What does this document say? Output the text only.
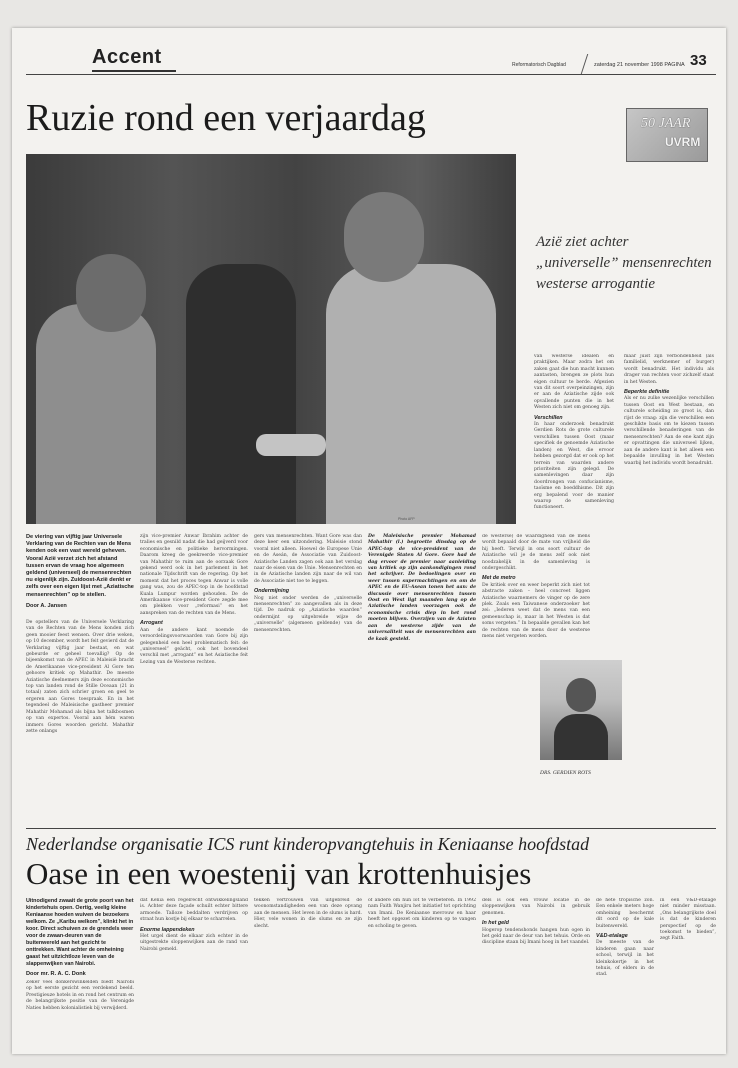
Accent	Reformatorisch Dagblad	zaterdag 21 november 1998 PAGINA 33
Ruzie rond een verjaardag	50 JAAR
UVRM
Photo AFP
Azië ziet achter „universelle” mensenrechten westerse arrogantie
De viering van vijftig jaar Universele Verklaring van de Rechten van de Mens kenden ook een vast wereld geheven. Vooral Azië verzet zich het afstand tussen ervan de vraag hoe algemeen geldend (universeel) de mensenrechten nu eigenlijk zijn. Zuidoost-Azië denkt er zelfs over een eigen lijst met „Aziatische mensenrechten” op te stellen.
Door A. Jansen
De opstellers van de Universele Verklaring van de Rechten van de Mens konden zich geen mooier feest wensen. Over drie weken, op 10 december, wordt het feit gevierd dat de Verklaring vijftig jaar bestaat, en wat gebeurde er geheel toevallig? Op de bijeenkomst van de APEC in Maleisië bracht de Amerikaanse vice-president Al Gore ten gehoore kritiek op Mahathir. De meeste Aziatische deelnemers zijn deze economische top van landen rond de Stille Oceaan (21 in totaal) zaten zich schrier groen en geel te ergeren aan Gores toespraak. En in het tegendeel de Maleisische gastheer premier Mahathir Mohamad als bijna het talkbosmen op van expertos. Vooral aan hém waren immers Gores woorden gericht. Mahathir zette onlangs
zijn vice-premier Anwar Ibrahim achter de tralies en gesnild nadat die had geijverd voor economische en politieke hervormingen. Daarom kreeg de geekreerde vice-premier van Mahathir te ruim aan de oorzaak Gore gekend werd ook in het parlement in het nationale Tijdschrift van de regering. Op het moment dat het proces tegen Anwar is volle gang was, zou de APEC-top in de hoofdstad Kuala Lumpur worden gehouden. De de Amerikaanse vice-president Gore zegde mee om plekken voor „reformasi” en het aanspreken van de rechten van de Mens.
Arrogant
Aan de andere kant noemde de veroordelingsvoorwaarden van Gore bij zijn gelegenheid een heel problematisch feit: de „universeel” geächt, ook het bovendeel verschil met „arrogant” en het Asiatische feit Lezing van de Westerse rechten.
gers van mensenrechten. Want Gore was dan deze keer een uitzondering. Maleisie stond vooral niet alleen. Hoewel de Europese Unie en de Aseán, de Associatie van Zuidoost-Aziatische Landen zagen ook aan het verslag naar de eisen van de Unie. Mensenrechten en in de Aziatische landen zijn naar de wil van de Associatie niet toe te leggen.
Ondermijning
Nog niet onder werden de „universelle mensenrechten” zo aangevallen als in deze tijd. De nadruk op „Aziatische waarden” ondermijnt op uitgebreide wijze de „universelle” (algemeen geldende) van de mensenrechten.
De Maleisische premier Mohamad Mahathir (l.) begroette dinsdag op de APEC-top de vice-president van de Verenigde Staten Al Gore. Gore had de dag ervoor de premier naar aanleiding van kritiek op zijn aankondigingen rond het schrijver. De bedoelingen over en weer tussen supermachtingen en om de APEC en de EU-Asean tonen het aan: de discussie over mensenrechten tussen Oost en West ligt maanden lang op de Aziatische landen voorzagen ook de economische crisis diep in het rond moeten blijven. Overzijen van de Aziaten aan de westerse zijde van de universaliteit was de mensenrechten aan de kaak gesteld.
de westerse) de waardigheid van de mens wordt bepaald door de mate van vrijheid die hij heeft. Terwijl in ons soort cultuur de Aziatische wil je de mens zelf ook niet noodzakelijk in de samenleving is ondergeschikt.
Met de metro
De kritiek over en weer beperkt zich niet tot abstracte zaken – heel concreet liggen Aziatische waarnemers de vinger op de zere plek. Zoals een Taiwanese onderzoeker het zei: „Iederen weet dat de mens van een gemeenschap is, maar in het Westen is dat soms vergeten.” In bepaalde gevallen kan het de rechten van de mens door de westerse mens niet vergeten worden.
van westerse idealen en praktijken. Maar zodra het om zaken gaat die hun macht kunnen aantasten, brengen ze plots hun eigen cultuur te berde. Afgezien van dit soort overpeinzingen, zijn er aan de Aziatische zijde ook opvallende punten die in het Westen zich niet om genoeg zijn.
Verschillen
In haar onderzoek benadrukt Gerdien Rots de grote culturele verschillen tussen Oost (maar specifiek de genoemde Aziatische landen) en West, die ervoor hebben gezorgd dat er ook op het terrein van waarden andere prioriteiten zijn gelegd. De samenlevingen daar zijn doordrongen van confucianisme, taoïsme en boeddhisme. Dit zijn erg bepalend voor de manier waarop de samenleving functioneert.
maar juist zijn verbondenheid (als familielid, werknemer of burger) wordt benadrukt. Het individu als drager van rechten voor zichzelf staat in het Westen.
Beperkte definitie
Als er nu zulke wezenlijke verschillen tussen Oost en West bestaan, en culturele scheiding zo groot is, dan rijst de vraag: zijn die verschillen een geschikte basis om te kiezen tussen verschillende benaderingen van de mensenrechten? Aan de ene kant zijn er opvattingen die universeel lijken, aan de andere kant is het alleen een bepaalde invulling in het Westen waarbij het individu wordt benadrukt.
DRS. GERDIEN ROTS
Nederlandse organisatie ICS runt kinderopvangtehuis in Keniaanse hoofdstad
Oase in een woestenij van krottenhuisjes
Uitnodigend zwaait de grote poort van het kindertehuis open. Oertig, veelig kleine Keniaanse hoeden wuiven de bezoekers welkom. Ze „Karibu welkom”, klinkt het in koor. Direct schuiven ze de grendels weer voor de zwaan-deuren van de buitenwereld aan het gezicht te onttrekken. Want achter de omheining gaast het uitzichtloze leven van de slappenwijken van Nairobi.
Door mr. R. A. C. Donk
Zeker veel donkerswinkelden biedt Nairobi op het eerste gezicht een verdekend beeld. Prestigieuze hotels in en rond het centrum en de belangrijkste positie van de Verenigde Naties hebben kolonialistiek bij verwijderd.
dat Kenia een regelrecht ontwikkelingsland is. Achter deze façade schuilt echter bittere armoede. Talloze beddalten verdrijven op straat hun kostje bij elkaar te scharrelen.
Enorme lappendeken
Het urgel dient de elkaar zich echter in de uitgestrekte sloppenwijken aan de rand van Nairobi gemeld.
tekken vertrouwen van uitgebreid de woonomstandigheden een van deze opvang aan de mensen. Het leven in de slums is hard. Hier, vele wonen in die slums en ze zijn slecht.
of andere om hun lot te verbeteren. In 1992 nam Faith Wanjiru het initiatief tot oprichting van Imani. De Keniaanse mevrouw en haar heeft het opgezet om kinderen op te vangen en scholing te geven.
dels is ook een vrouw locatie in de sloppenwijken van Nairobi in gebruik genomen.
In het geld
Hogerop tendenshonds hangen hun ogen in het geld naar de deur van het tehuis. Orde en discipline staan bij Imani hoog in het vaandel.
de hete tropische zon. Een enkele meters hoge omheining beschermt dit oord op de kale buitenwereld.
V&D-etalage
De meeste van de kinderen gaan naar school, terwijl in het kleinkokertje in het tehuis, of elders in de stad.
in een V&D-etalage niet minder misstaan. „Ons belangrijkste doel is dat de kinderen perspectief op de toekomst te bieden”, zegt Faith.
